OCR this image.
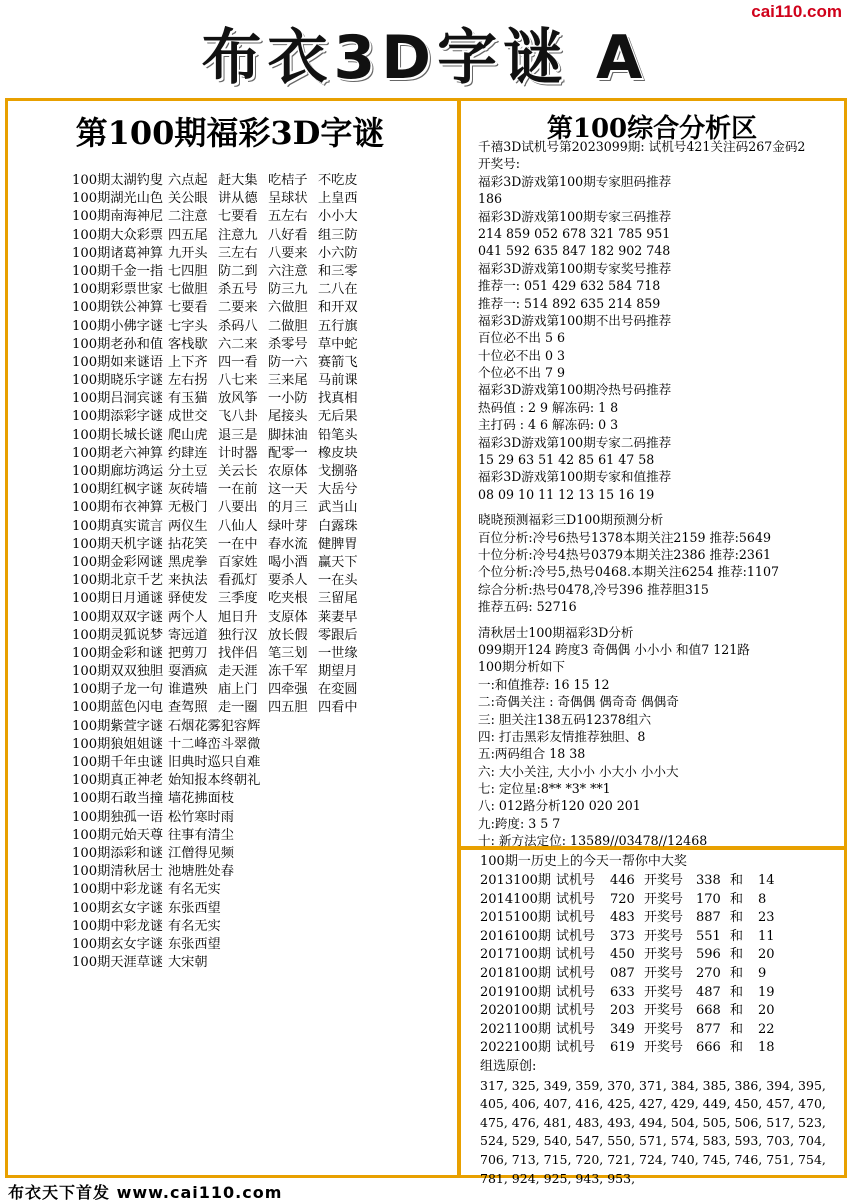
cai110.com
布衣3D字谜 A
第100期福彩3D字谜
100期太湖钓叟 六点起 赶大集 吃桔子 不吃皮
100期湖光山色 关公眼 讲从德 呈球状 上皇西
100期南海神尼 二注意 七要看 五左右 小小大
100期大众彩票 四五尾 注意九 八好看 组三防
100期诸葛神算 九开头 三左右 八要来 小六防
100期千金一指 七四胆 防二到 六注意 和三零
100期彩票世家 七做胆 杀五号 防三九 二八在
100期铁公神算 七要看 二要来 六做胆 和开双
100期小佛字谜 七字头 杀码八 二做胆 五行旗
100期老孙和值 客栈歇 六二来 杀零号 草中蛇
100期如来谜语 上下齐 四一看 防一六 赛箭飞
100期晓乐字谜 左右拐 八七来 三来尾 马前课
100期吕洞宾谜 有玉猫 放风筝 一小防 找真相
100期添彩字谜 成世交 飞八卦 尾接头 无后果
100期长城长谜 爬山虎 退三是 脚抹油 铅笔头
100期老六神算 约肆连 计时器 配零一 橡皮块
100期廊坊鸿运 分土豆 关云长 农原体 戈捌骆
100期红枫字谜 灰砖墙 一在前 这一天 大岳兮
100期布衣神算 无极门 八要出 的月三 武当山
100期真实谎言 两仪生 八仙人 绿叶芽 白露珠
100期天机字谜 拈花笑 一在中 春水流 健脾胃
100期金彩网谜 黑虎拳 百家姓 喝小酒 赢天下
100期北京千艺 来执法 看孤灯 要杀人 一在头
100期日月通谜 驿使发 三季度 吃夹根 三留尾
100期双双字谜 两个人 旭日升 支原体 莱妻早
100期灵狐说梦 寄远道 独行汉 放长假 零跟后
100期金彩和谜 把剪刀 找伴侣 笔三划 一世缘
100期双双独胆 耍酒疯 走天涯 冻千军 期望月
100期子龙一句 谁遣殃 庙上门 四牵强 在変圆
100期蓝色闪电 查驾照 走一圈 四五胆 四看中
100期紫萱字谜 石烟花雾犯容辉
100期狼姐姐谜 十二峰峦斗翠微
100期千年虫谜 旧典时巡只自难
100期真正神老 始知报本终朝礼
100期石敢当撞 墙花拂面枝
100期独孤一语 松竹寒时雨
100期元始天尊 往事有清尘
100期添彩和谜 江僧得见频
100期清秋居士 池塘胜处春
100期中彩龙谜 有名无实
100期玄女字谜 东张西望
100期中彩龙谜 有名无实
100期玄女字谜 东张西望
100期天涯草谜 大宋朝
第100综合分析区
千禧3D试机号第2023099期: 试机号421关注码267金码2
开奖号:
福彩3D游戏第100期专家胆码推荐
186
福彩3D游戏第100期专家三码推荐
214 859 052 678 321 785 951
041 592 635 847 182 902 748
福彩3D游戏第100期专家奖号推荐
推荐一: 051 429 632 584 718
推荐一: 514 892 635 214 859
福彩3D游戏第100期不出号码推荐
百位必不出 5 6
十位必不出 0 3
个位必不出 7 9
福彩3D游戏第100期冷热号码推荐
热码值 : 2 9 解冻码: 1 8
主打码 : 4 6 解冻码: 0 3
福彩3D游戏第100期专家二码推荐
15 29 63 51 42 85 61 47 58
福彩3D游戏第100期专家和值推荐
08 09 10 11 12 13 15 16 19
晓晓预测福彩三D100期预测分析
百位分析:冷号6热号1378本期关注2159 推荐:5649
十位分析:冷号4热号0379本期关注2386 推荐:2361
个位分析:冷号5,热号0468.本期关注6254 推荐:1107
综合分析:热号0478,冷号396 推荐胆315
推荐五码: 52716
清秋居士100期福彩3D分析
099期开124 跨度3 奇偶偶 小小小 和值7 121路
100期分析如下
一:和值推荐: 16 15 12
二:奇偶关注 : 奇偶偶 偶奇奇 偶偶奇
三: 胆关注138五码12378组六
四: 打击黑彩友情推荐独胆、8
五:两码组合 18 38
六: 大小关注, 大小小 小大小 小小大
七: 定位星:8** *3* **1
八: 012路分析120 020 201
九:跨度: 3 5 7
十: 新方法定位: 13589//03478//12468
100期一历史上的今天一帮你中大奖
2013100期 试机号 446 开奖号 338 和 14
2014100期 试机号 720 开奖号 170 和 8
2015100期 试机号 483 开奖号 887 和 23
2016100期 试机号 373 开奖号 551 和 11
2017100期 试机号 450 开奖号 596 和 20
2018100期 试机号 087 开奖号 270 和 9
2019100期 试机号 633 开奖号 487 和 19
2020100期 试机号 203 开奖号 668 和 20
2021100期 试机号 349 开奖号 877 和 22
2022100期 试机号 619 开奖号 666 和 18
组选原创:
317, 325, 349, 359, 370, 371, 384, 385, 386, 394, 395, 405, 406, 407, 416, 425, 427, 429, 449, 450, 457, 470, 475, 476, 481, 483, 493, 494, 504, 505, 506, 517, 523, 524, 529, 540, 547, 550, 571, 574, 583, 593, 703, 704, 706, 713, 715, 720, 721, 724, 740, 745, 746, 751, 754, 781, 924, 925, 943, 953,
布衣天下首发 www.cai110.com
